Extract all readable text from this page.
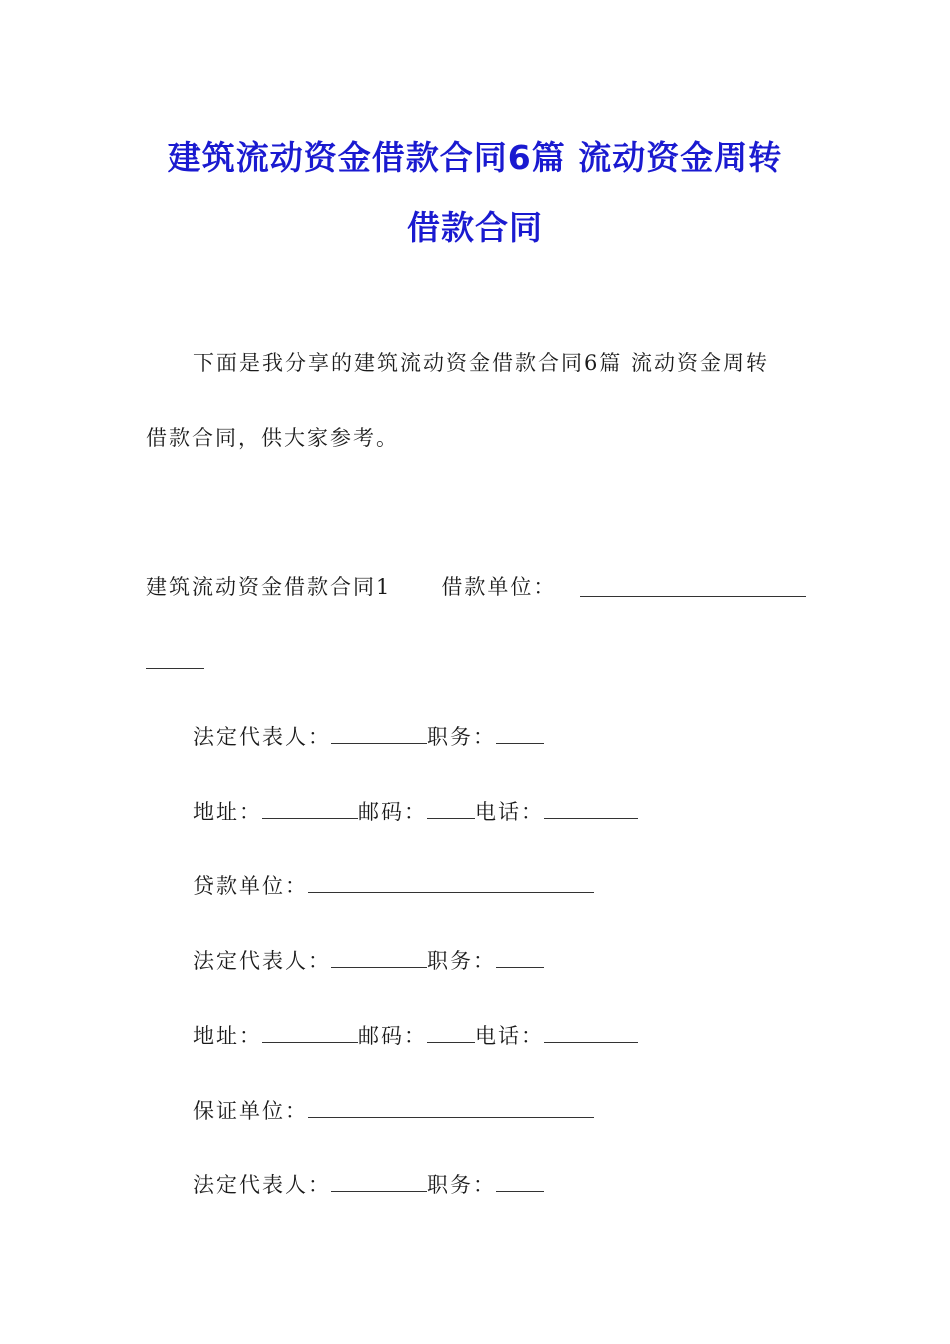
建筑流动资金借款合同6篇 流动资金周转
借款合同
下面是我分享的建筑流动资金借款合同6篇 流动资金周转
借款合同，供大家参考。
建筑流动资金借款合同1 借款单位：
法定代表人：	职务：
地址：	邮码： 电话：
贷款单位：
法定代表人：	职务：
地址：	邮码： 电话：
保证单位：
法定代表人：	职务：
